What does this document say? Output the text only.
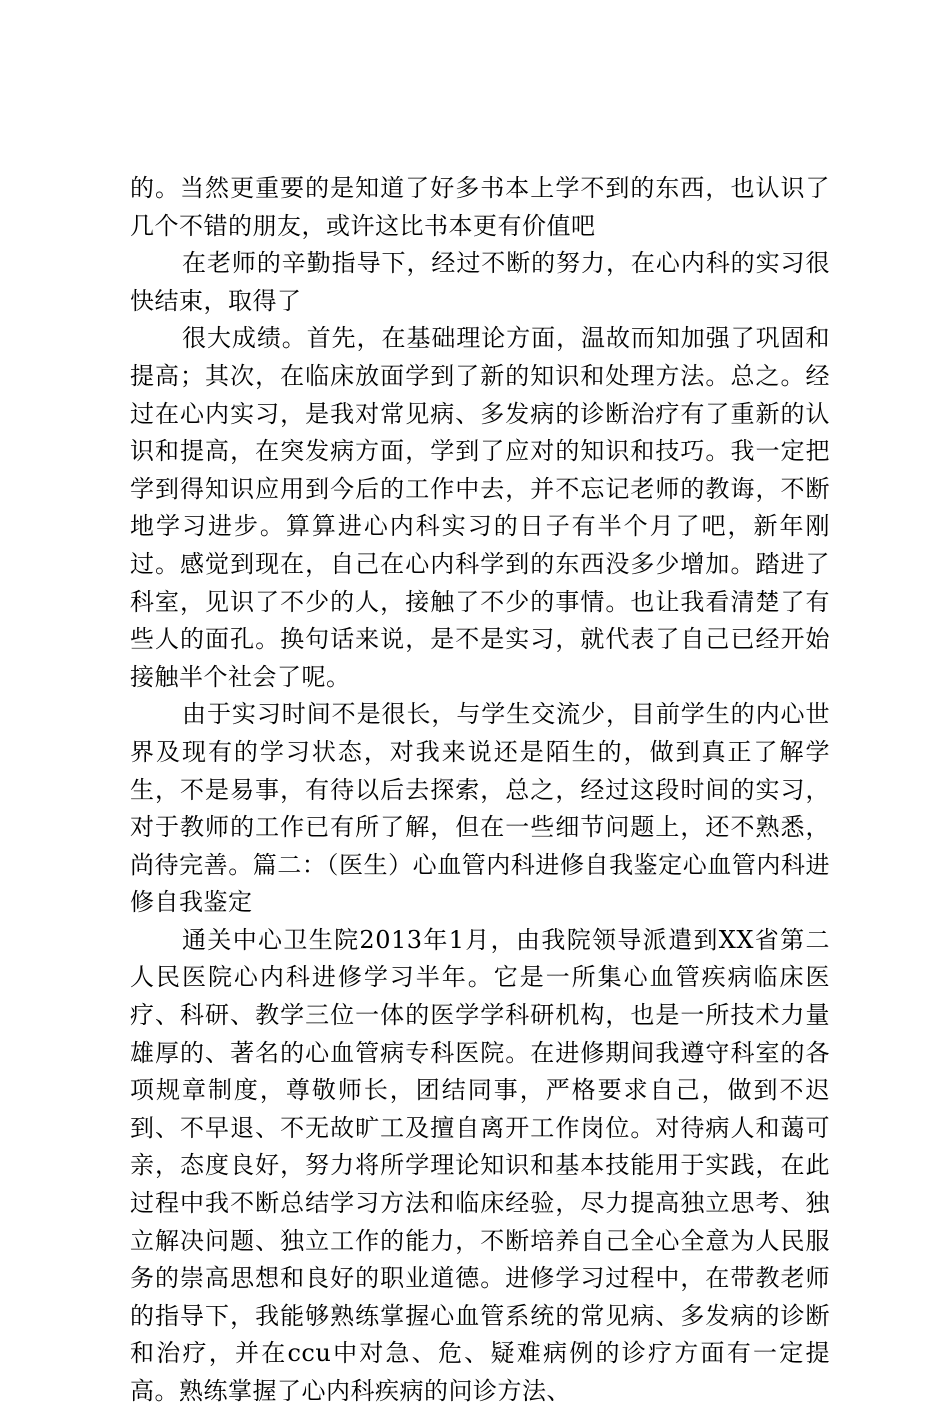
的。当然更重要的是知道了好多书本上学不到的东西，也认识了几个不错的朋友，或许这比书本更有价值吧

在老师的辛勤指导下，经过不断的努力，在心内科的实习很快结束，取得了

很大成绩。首先，在基础理论方面，温故而知加强了巩固和提高；其次，在临床放面学到了新的知识和处理方法。总之。经过在心内实习，是我对常见病、多发病的诊断治疗有了重新的认识和提高，在突发病方面，学到了应对的知识和技巧。我一定把学到得知识应用到今后的工作中去，并不忘记老师的教诲，不断地学习进步。算算进心内科实习的日子有半个月了吧，新年刚过。感觉到现在，自己在心内科学到的东西没多少增加。踏进了科室，见识了不少的人，接触了不少的事情。也让我看清楚了有些人的面孔。换句话来说，是不是实习，就代表了自己已经开始接触半个社会了呢。

由于实习时间不是很长，与学生交流少，目前学生的内心世界及现有的学习状态，对我来说还是陌生的，做到真正了解学生，不是易事，有待以后去探索，总之，经过这段时间的实习，对于教师的工作已有所了解，但在一些细节问题上，还不熟悉，尚待完善。篇二：（医生）心血管内科进修自我鉴定心血管内科进修自我鉴定

通关中心卫生院2013年1月，由我院领导派遣到XX省第二人民医院心内科进修学习半年。它是一所集心血管疾病临床医疗、科研、教学三位一体的医学学科研机构，也是一所技术力量雄厚的、著名的心血管病专科医院。在进修期间我遵守科室的各项规章制度，尊敬师长，团结同事，严格要求自己，做到不迟到、不早退、不无故旷工及擅自离开工作岗位。对待病人和蔼可亲，态度良好，努力将所学理论知识和基本技能用于实践，在此过程中我不断总结学习方法和临床经验，尽力提高独立思考、独立解决问题、独立工作的能力，不断培养自己全心全意为人民服务的崇高思想和良好的职业道德。进修学习过程中，在带教老师的指导下，我能够熟练掌握心血管系统的常见病、多发病的诊断和治疗，并在ccu中对急、危、疑难病例的诊疗方面有一定提高。熟练掌握了心内科疾病的问诊方法、
